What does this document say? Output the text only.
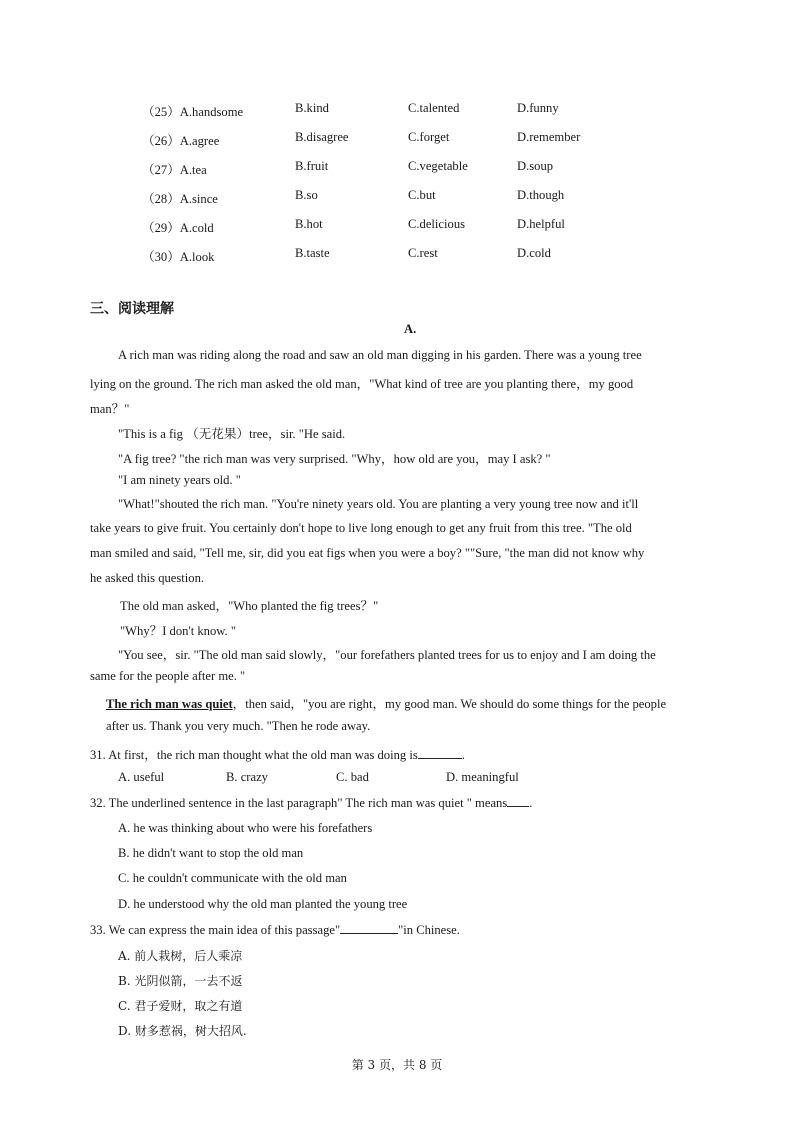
（25）A.handsome	B.kind	C.talented	D.funny
（26）A.agree	B.disagree	C.forget	D.remember
（27）A.tea	B.fruit	C.vegetable	D.soup
（28）A.since	B.so	C.but	D.though
（29）A.cold	B.hot	C.delicious	D.helpful
（30）A.look	B.taste	C.rest	D.cold
三、阅读理解
A.
A rich man was riding along the road and saw an old man digging in his garden. There was a young tree
lying on the ground. The rich man asked the old man，"What kind of tree are you planting there，my good
man？"
"This is a fig （无花果）tree，sir. "He said.
"A fig tree? "the rich man was very surprised. "Why，how old are you，may I ask? "
"I am ninety years old. "
"What!"shouted the rich man. "You're ninety years old. You are planting a very young tree now and it'll
take years to give fruit. You certainly don't hope to live long enough to get any fruit from this tree. "The old
man smiled and said, "Tell me, sir, did you eat figs when you were a boy? ""Sure, "the man did not know why
he asked this question.
The old man asked，"Who planted the fig trees？"
"Why？I don't know. "
"You see，sir. "The old man said slowly，"our forefathers planted trees for us to enjoy and I am doing the
same for the people after me. "
The rich man was quiet，then said，"you are right，my good man. We should do some things for the people
after us. Thank you very much. "Then he rode away.
31. At first，the rich man thought what the old man was doing is	.
A. useful	B. crazy	C. bad	D. meaningful
32. The underlined sentence in the last paragraph" The rich man was quiet " means .
A. he was thinking about who were his forefathers
B. he didn't want to stop the old man
C. he couldn't communicate with the old man
D. he understood why the old man planted the young tree
33. We can express the main idea of this passage"	"in Chinese.
A. 前人栽树，后人乘凉
B. 光阴似箭，一去不返
C. 君子爱财，取之有道
D. 财多惹祸，树大招风.
第 3 页，共 8 页
